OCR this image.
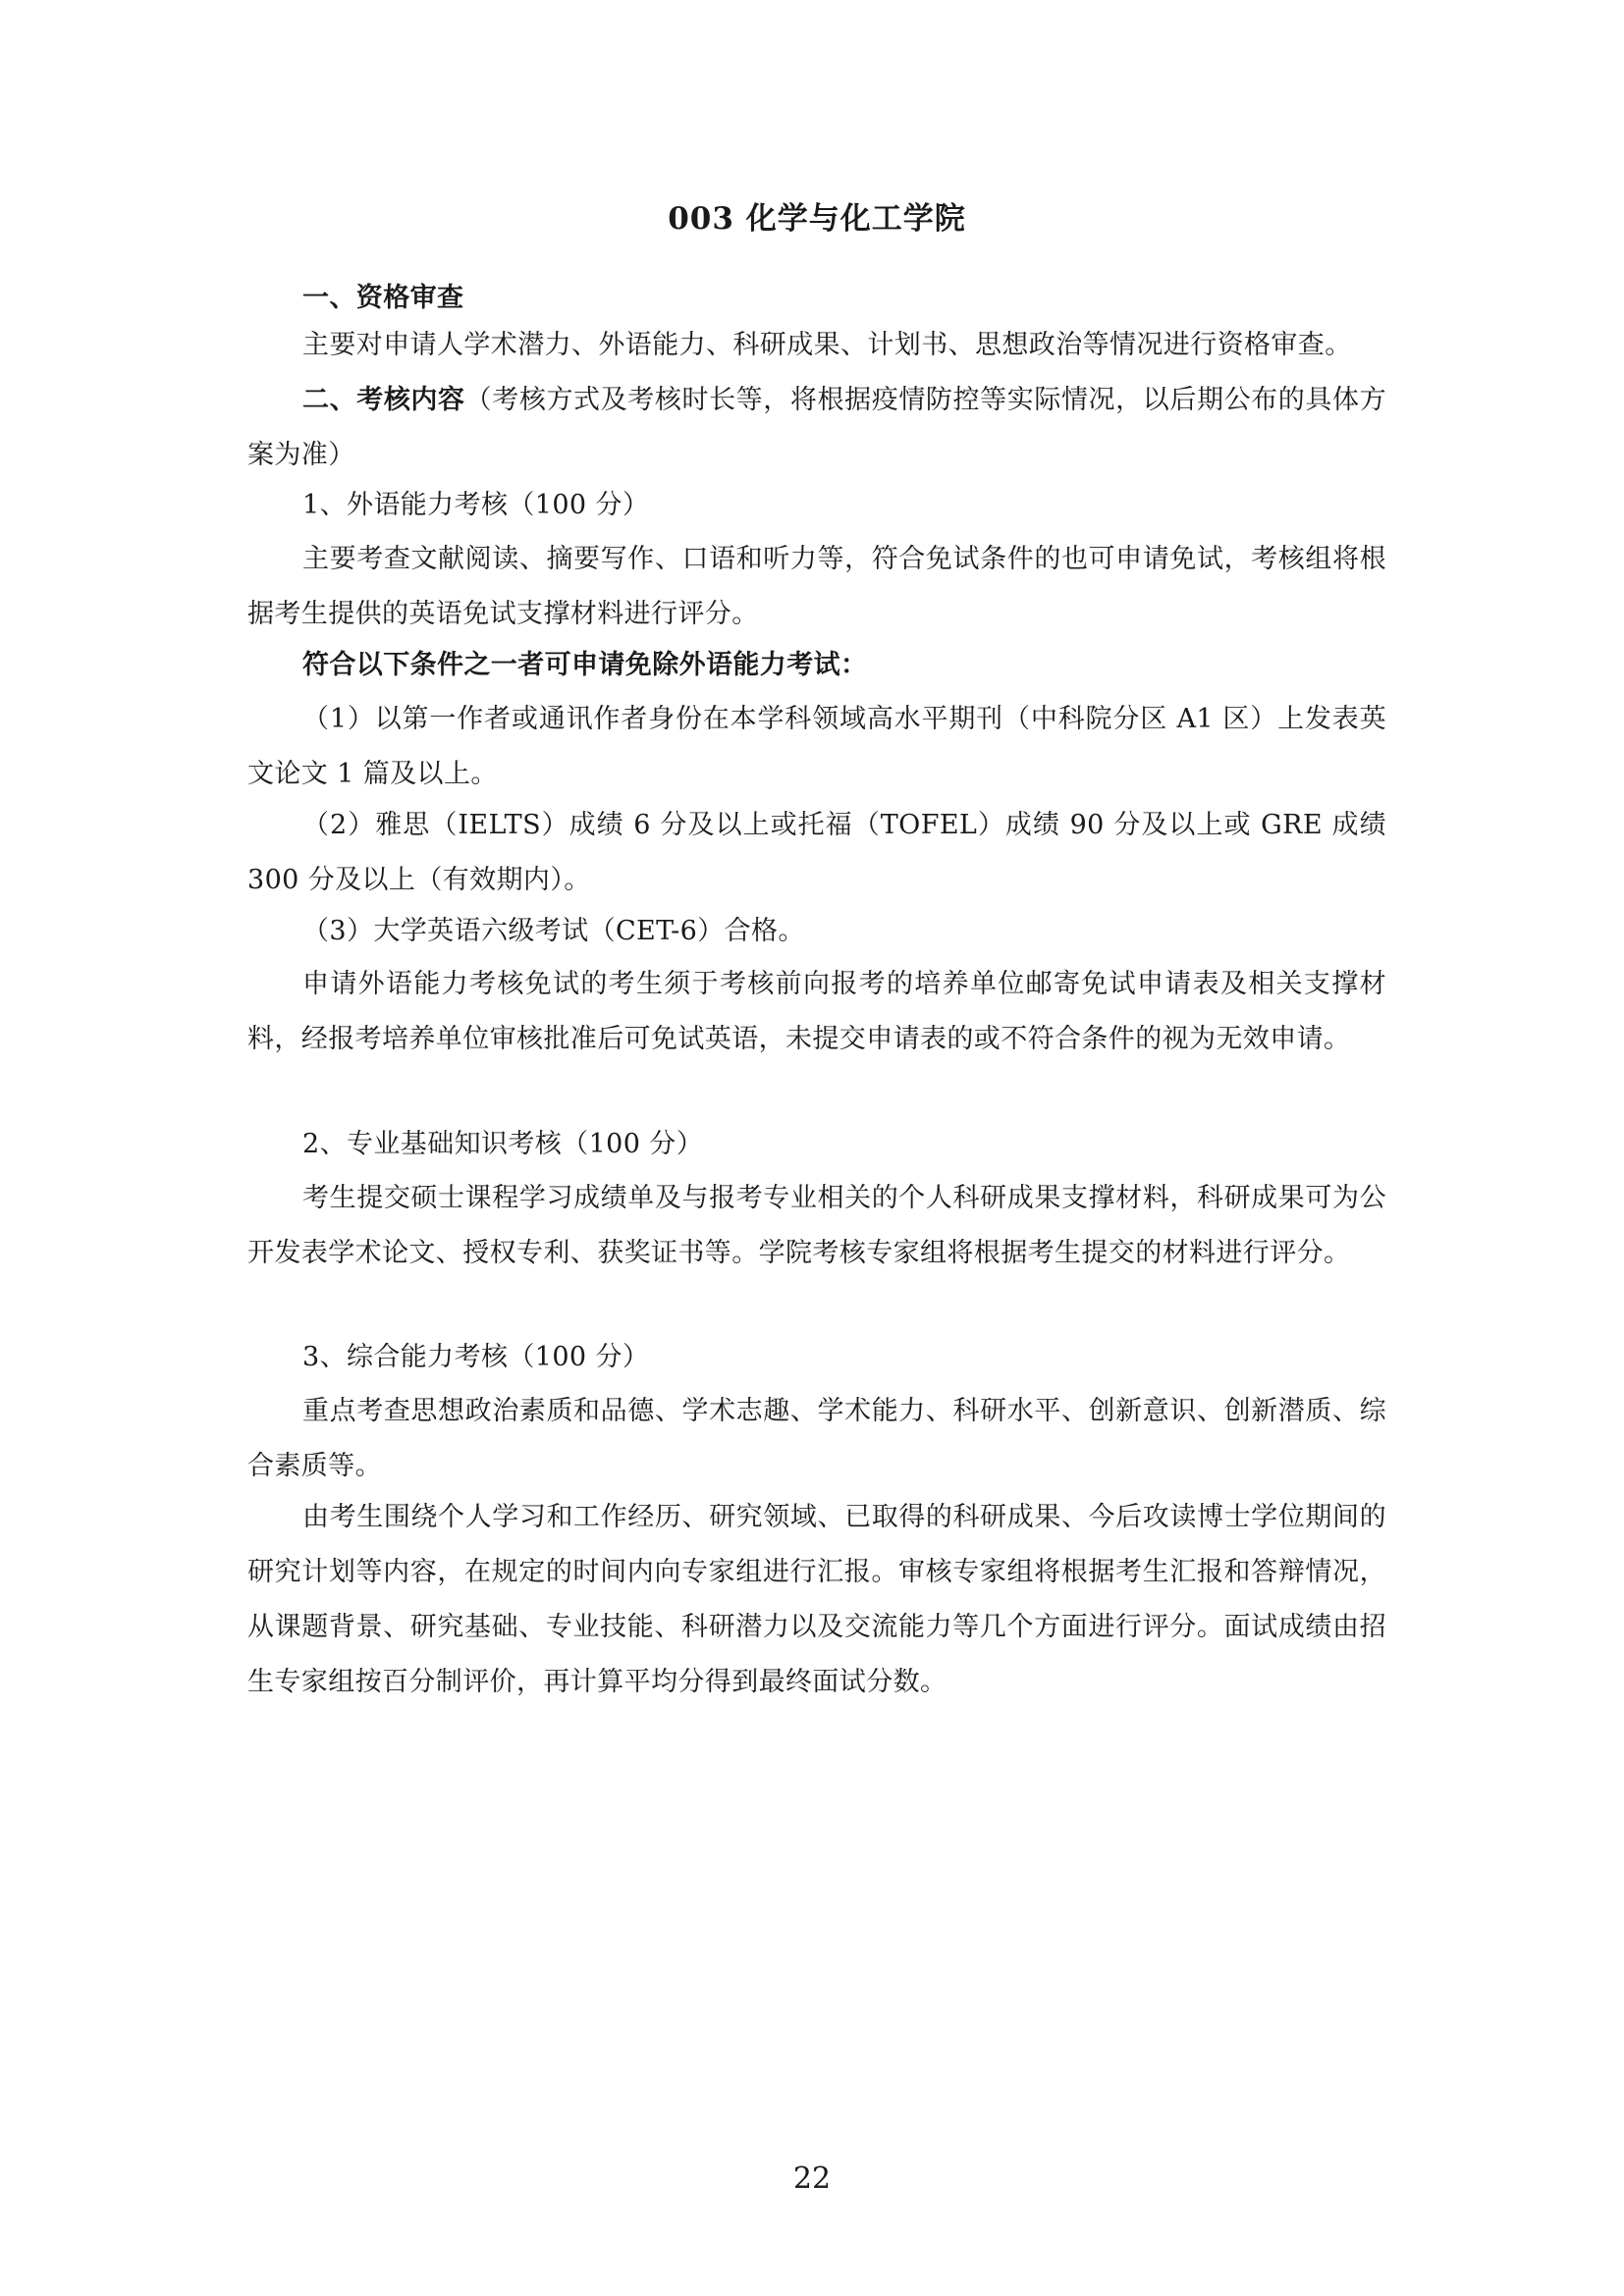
003 化学与化工学院
一、资格审查
主要对申请人学术潜力、外语能力、科研成果、计划书、思想政治等情况进行资格审查。
二、考核内容（考核方式及考核时长等，将根据疫情防控等实际情况，以后期公布的具体方案为准）
1、外语能力考核（100 分）
主要考查文献阅读、摘要写作、口语和听力等，符合免试条件的也可申请免试，考核组将根据考生提供的英语免试支撑材料进行评分。
符合以下条件之一者可申请免除外语能力考试：
（1）以第一作者或通讯作者身份在本学科领域高水平期刊（中科院分区 A1 区）上发表英文论文 1 篇及以上。
（2）雅思（IELTS）成绩 6 分及以上或托福（TOFEL）成绩 90 分及以上或 GRE 成绩 300 分及以上（有效期内）。
（3）大学英语六级考试（CET-6）合格。
申请外语能力考核免试的考生须于考核前向报考的培养单位邮寄免试申请表及相关支撑材料，经报考培养单位审核批准后可免试英语，未提交申请表的或不符合条件的视为无效申请。
2、专业基础知识考核（100 分）
考生提交硕士课程学习成绩单及与报考专业相关的个人科研成果支撑材料，科研成果可为公开发表学术论文、授权专利、获奖证书等。学院考核专家组将根据考生提交的材料进行评分。
3、综合能力考核（100 分）
重点考查思想政治素质和品德、学术志趣、学术能力、科研水平、创新意识、创新潜质、综合素质等。
由考生围绕个人学习和工作经历、研究领域、已取得的科研成果、今后攻读博士学位期间的研究计划等内容，在规定的时间内向专家组进行汇报。审核专家组将根据考生汇报和答辩情况，从课题背景、研究基础、专业技能、科研潜力以及交流能力等几个方面进行评分。面试成绩由招生专家组按百分制评价，再计算平均分得到最终面试分数。
22
